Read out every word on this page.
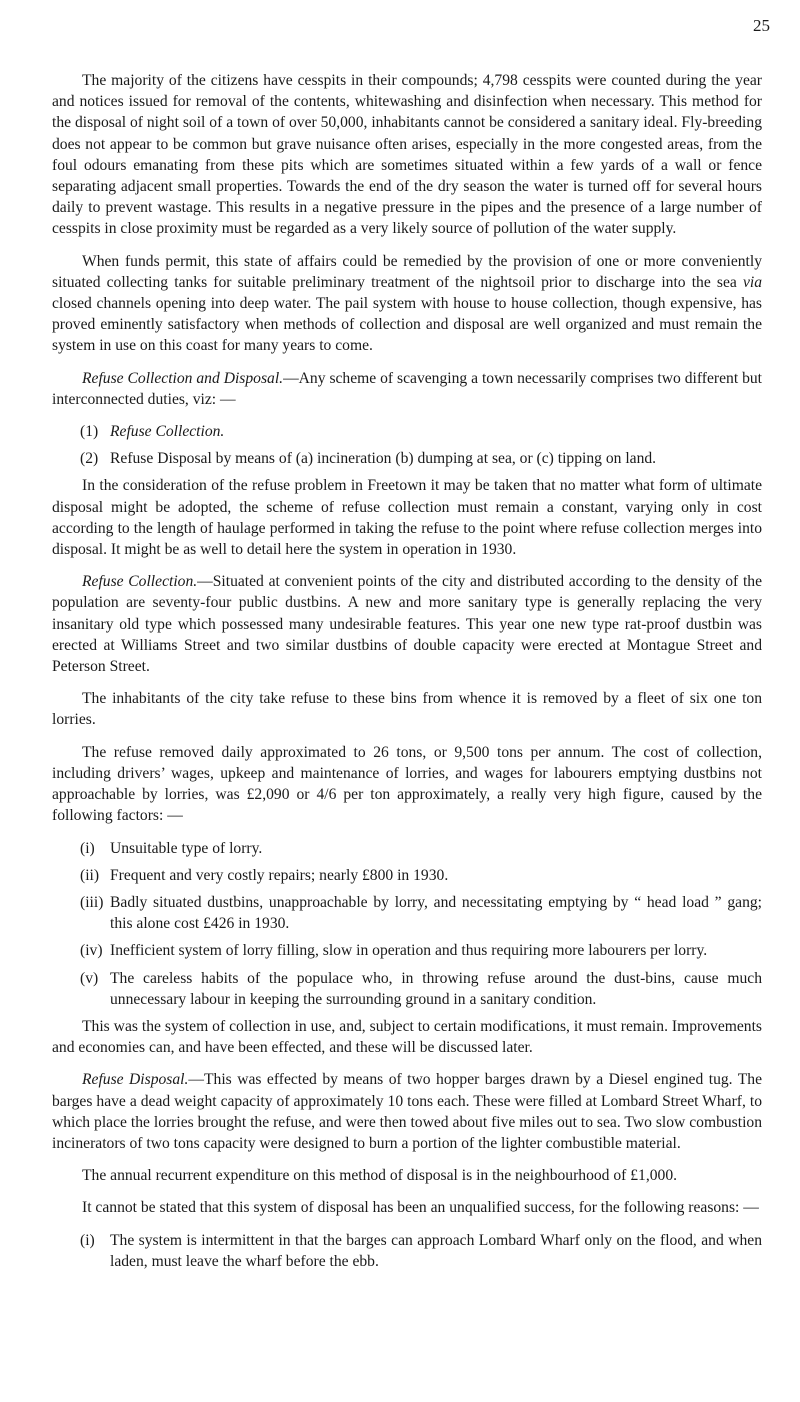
25

The majority of the citizens have cesspits in their compounds; 4,798 cesspits were counted during the year and notices issued for removal of the contents, whitewashing and disinfection when necessary. This method for the disposal of night soil of a town of over 50,000, inhabitants cannot be considered a sanitary ideal. Fly-breeding does not appear to be common but grave nuisance often arises, especially in the more congested areas, from the foul odours emanating from these pits which are sometimes situated within a few yards of a wall or fence separating adjacent small properties. Towards the end of the dry season the water is turned off for several hours daily to prevent wastage. This results in a negative pressure in the pipes and the presence of a large number of cesspits in close proximity must be regarded as a very likely source of pollution of the water supply.

When funds permit, this state of affairs could be remedied by the provision of one or more conveniently situated collecting tanks for suitable preliminary treatment of the nightsoil prior to discharge into the sea via closed channels opening into deep water. The pail system with house to house collection, though expensive, has proved eminently satisfactory when methods of collection and disposal are well organized and must remain the system in use on this coast for many years to come.

Refuse Collection and Disposal.—Any scheme of scavenging a town necessarily comprises two different but interconnected duties, viz: —

(1) Refuse Collection.
(2) Refuse Disposal by means of (a) incineration (b) dumping at sea, or (c) tipping on land.

In the consideration of the refuse problem in Freetown it may be taken that no matter what form of ultimate disposal might be adopted, the scheme of refuse collection must remain a constant, varying only in cost according to the length of haulage performed in taking the refuse to the point where refuse collection merges into disposal. It might be as well to detail here the system in operation in 1930.

Refuse Collection.—Situated at convenient points of the city and distributed according to the density of the population are seventy-four public dustbins. A new and more sanitary type is generally replacing the very insanitary old type which possessed many undesirable features. This year one new type rat-proof dustbin was erected at Williams Street and two similar dustbins of double capacity were erected at Montague Street and Peterson Street.

The inhabitants of the city take refuse to these bins from whence it is removed by a fleet of six one ton lorries.

The refuse removed daily approximated to 26 tons, or 9,500 tons per annum. The cost of collection, including drivers’ wages, upkeep and maintenance of lorries, and wages for labourers emptying dustbins not approachable by lorries, was £2,090 or 4/6 per ton approximately, a really very high figure, caused by the following factors: —

(i) Unsuitable type of lorry.
(ii) Frequent and very costly repairs; nearly £800 in 1930.
(iii) Badly situated dustbins, unapproachable by lorry, and necessitating emptying by “ head load ” gang; this alone cost £426 in 1930.
(iv) Inefficient system of lorry filling, slow in operation and thus requiring more labourers per lorry.
(v) The careless habits of the populace who, in throwing refuse around the dust-bins, cause much unnecessary labour in keeping the surrounding ground in a sanitary condition.

This was the system of collection in use, and, subject to certain modifications, it must remain. Improvements and economies can, and have been effected, and these will be discussed later.

Refuse Disposal.—This was effected by means of two hopper barges drawn by a Diesel engined tug. The barges have a dead weight capacity of approximately 10 tons each. These were filled at Lombard Street Wharf, to which place the lorries brought the refuse, and were then towed about five miles out to sea. Two slow combustion incinerators of two tons capacity were designed to burn a portion of the lighter combustible material.

The annual recurrent expenditure on this method of disposal is in the neighbourhood of £1,000.

It cannot be stated that this system of disposal has been an unqualified success, for the following reasons: —

(i) The system is intermittent in that the barges can approach Lombard Wharf only on the flood, and when laden, must leave the wharf before the ebb.
